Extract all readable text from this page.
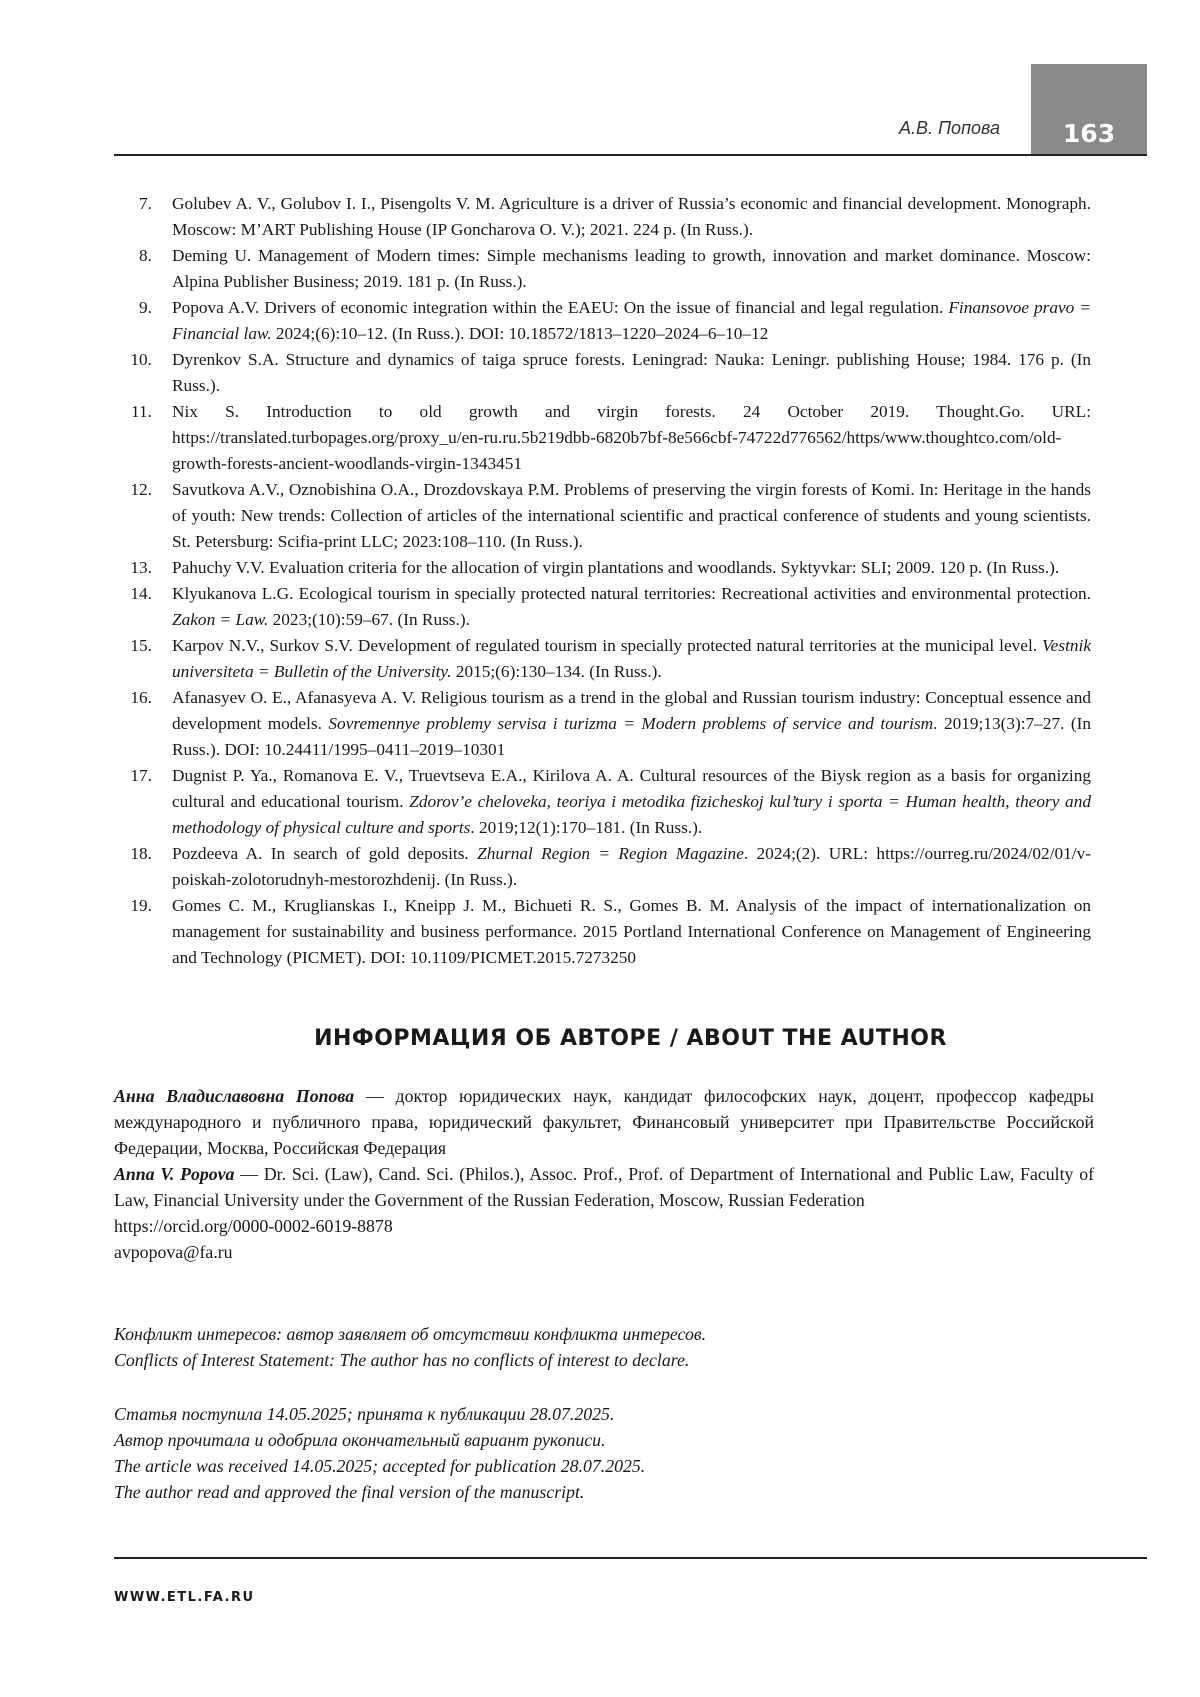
А.В. Попова	163
7. Golubev A. V., Golubov I. I., Pisengolts V. M. Agriculture is a driver of Russia’s economic and financial development. Monograph. Moscow: M’ART Publishing House (IP Goncharova O. V.); 2021. 224 p. (In Russ.).
8. Deming U. Management of Modern times: Simple mechanisms leading to growth, innovation and market dominance. Moscow: Alpina Publisher Business; 2019. 181 p. (In Russ.).
9. Popova A.V. Drivers of economic integration within the EAEU: On the issue of financial and legal regulation. Finansovoe pravo = Financial law. 2024;(6):10–12. (In Russ.). DOI: 10.18572/1813–1220–2024–6–10–12
10. Dyrenkov S.A. Structure and dynamics of taiga spruce forests. Leningrad: Nauka: Leningr. publishing House; 1984. 176 p. (In Russ.).
11. Nix S. Introduction to old growth and virgin forests. 24 October 2019. Thought.Go. URL: https://translated.turbopages.org/proxy_u/en-ru.ru.5b219dbb-6820b7bf-8e566cbf-74722d776562/https/www.thoughtco.com/old-growth-forests-ancient-woodlands-virgin-1343451
12. Savutkova A.V., Oznobishina O.A., Drozdovskaya P.M. Problems of preserving the virgin forests of Komi. In: Heritage in the hands of youth: New trends: Collection of articles of the international scientific and practical conference of students and young scientists. St. Petersburg: Scifia-print LLC; 2023:108–110. (In Russ.).
13. Pahuchy V.V. Evaluation criteria for the allocation of virgin plantations and woodlands. Syktyvkar: SLI; 2009. 120 p. (In Russ.).
14. Klyukanova L.G. Ecological tourism in specially protected natural territories: Recreational activities and environmental protection. Zakon = Law. 2023;(10):59–67. (In Russ.).
15. Karpov N.V., Surkov S.V. Development of regulated tourism in specially protected natural territories at the municipal level. Vestnik universiteta = Bulletin of the University. 2015;(6):130–134. (In Russ.).
16. Afanasyev O. E., Afanasyeva A. V. Religious tourism as a trend in the global and Russian tourism industry: Conceptual essence and development models. Sovremennye problemy servisa i turizma = Modern problems of service and tourism. 2019;13(3):7–27. (In Russ.). DOI: 10.24411/1995–0411–2019–10301
17. Dugnist P. Ya., Romanova E. V., Truevtseva E.A., Kirilova A. A. Cultural resources of the Biysk region as a basis for organizing cultural and educational tourism. Zdorov’e cheloveka, teoriya i metodika fizicheskoj kul’tury i sporta = Human health, theory and methodology of physical culture and sports. 2019;12(1):170–181. (In Russ.).
18. Pozdeeva A. In search of gold deposits. Zhurnal Region = Region Magazine. 2024;(2). URL: https://ourreg.ru/2024/02/01/v-poiskah-zolotorudnyh-mestorozhdenij. (In Russ.).
19. Gomes C. M., Kruglianskas I., Kneipp J. M., Bichueti R. S., Gomes B. M. Analysis of the impact of internationalization on management for sustainability and business performance. 2015 Portland International Conference on Management of Engineering and Technology (PICMET). DOI: 10.1109/PICMET.2015.7273250
ИНФОРМАЦИЯ ОБ АВТОРЕ / ABOUT THE AUTHOR

Анна Владиславовна Попова — доктор юридических наук, кандидат философских наук, доцент, профессор кафедры международного и публичного права, юридический факультет, Финансовый университет при Правительстве Российской Федерации, Москва, Российская Федерация

Anna V. Popova — Dr. Sci. (Law), Cand. Sci. (Philos.), Assoc. Prof., Prof. of Department of International and Public Law, Faculty of Law, Financial University under the Government of the Russian Federation, Moscow, Russian Federation

https://orcid.org/0000-0002-6019-8878

avpopova@fa.ru

Конфликт интересов: автор заявляет об отсутствии конфликта интересов.

Conflicts of Interest Statement: The author has no conflicts of interest to declare.

Статья поступила 14.05.2025; принята к публикации 28.07.2025.

Автор прочитала и одобрила окончательный вариант рукописи.

The article was received 14.05.2025; accepted for publication 28.07.2025.

The author read and approved the final version of the manuscript.

WWW.ETL.FA.RU
